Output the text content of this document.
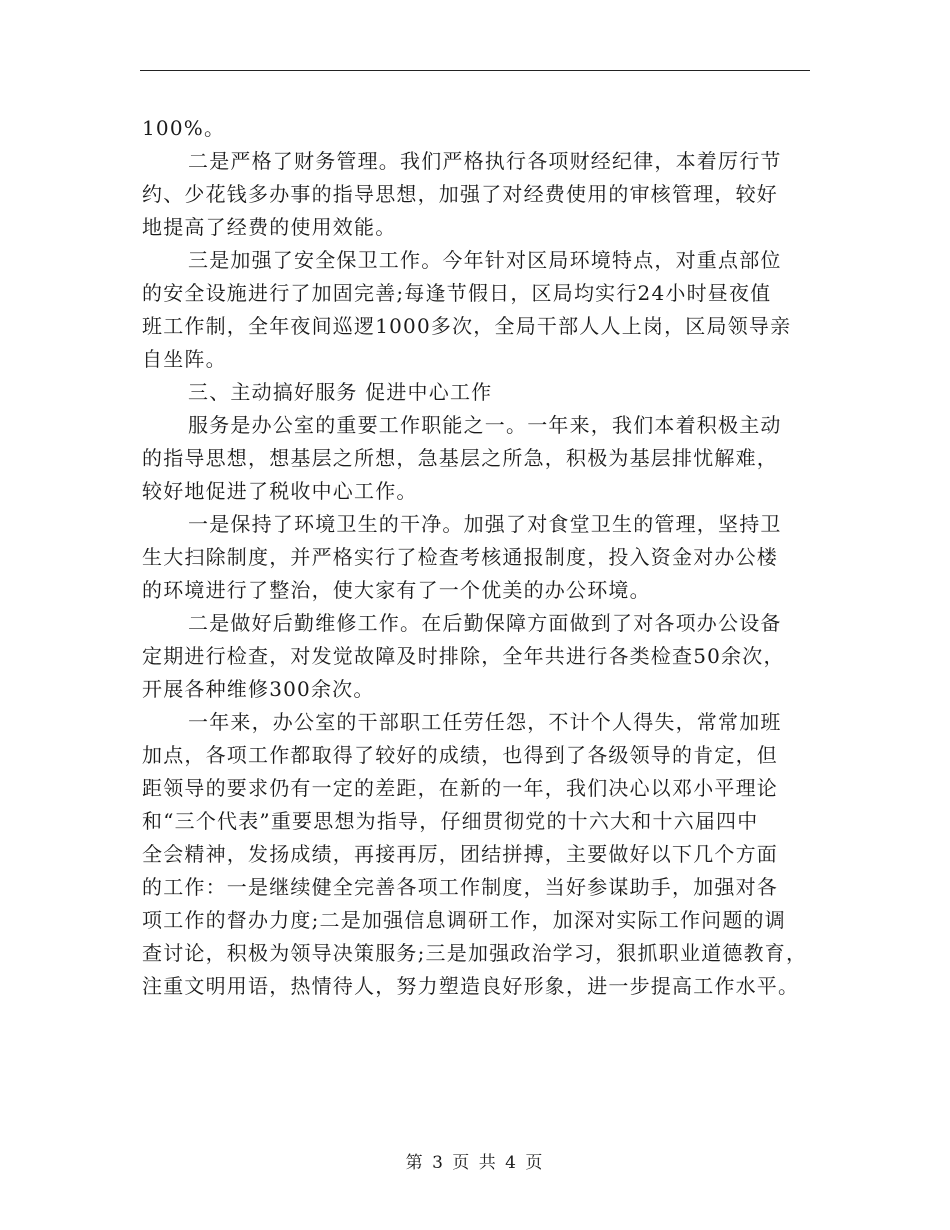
100%。
二是严格了财务管理。我们严格执行各项财经纪律，本着厉行节
约、少花钱多办事的指导思想，加强了对经费使用的审核管理，较好
地提高了经费的使用效能。
三是加强了安全保卫工作。今年针对区局环境特点，对重点部位
的安全设施进行了加固完善;每逢节假日，区局均实行24小时昼夜值
班工作制，全年夜间巡逻1000多次，全局干部人人上岗，区局领导亲
自坐阵。
三、主动搞好服务 促进中心工作
服务是办公室的重要工作职能之一。一年来，我们本着积极主动
的指导思想，想基层之所想，急基层之所急，积极为基层排忧解难，
较好地促进了税收中心工作。
一是保持了环境卫生的干净。加强了对食堂卫生的管理，坚持卫
生大扫除制度，并严格实行了检查考核通报制度，投入资金对办公楼
的环境进行了整治，使大家有了一个优美的办公环境。
二是做好后勤维修工作。在后勤保障方面做到了对各项办公设备
定期进行检查，对发觉故障及时排除，全年共进行各类检查50余次，
开展各种维修300余次。
一年来，办公室的干部职工任劳任怨，不计个人得失，常常加班
加点，各项工作都取得了较好的成绩，也得到了各级领导的肯定，但
距领导的要求仍有一定的差距，在新的一年，我们决心以邓小平理论
和“三个代表”重要思想为指导，仔细贯彻党的十六大和十六届四中
全会精神，发扬成绩，再接再厉，团结拼搏，主要做好以下几个方面
的工作：一是继续健全完善各项工作制度，当好参谋助手，加强对各
项工作的督办力度;二是加强信息调研工作，加深对实际工作问题的调
查讨论，积极为领导决策服务;三是加强政治学习，狠抓职业道德教育，
注重文明用语，热情待人，努力塑造良好形象，进一步提高工作水平。
第 3 页 共 4 页
